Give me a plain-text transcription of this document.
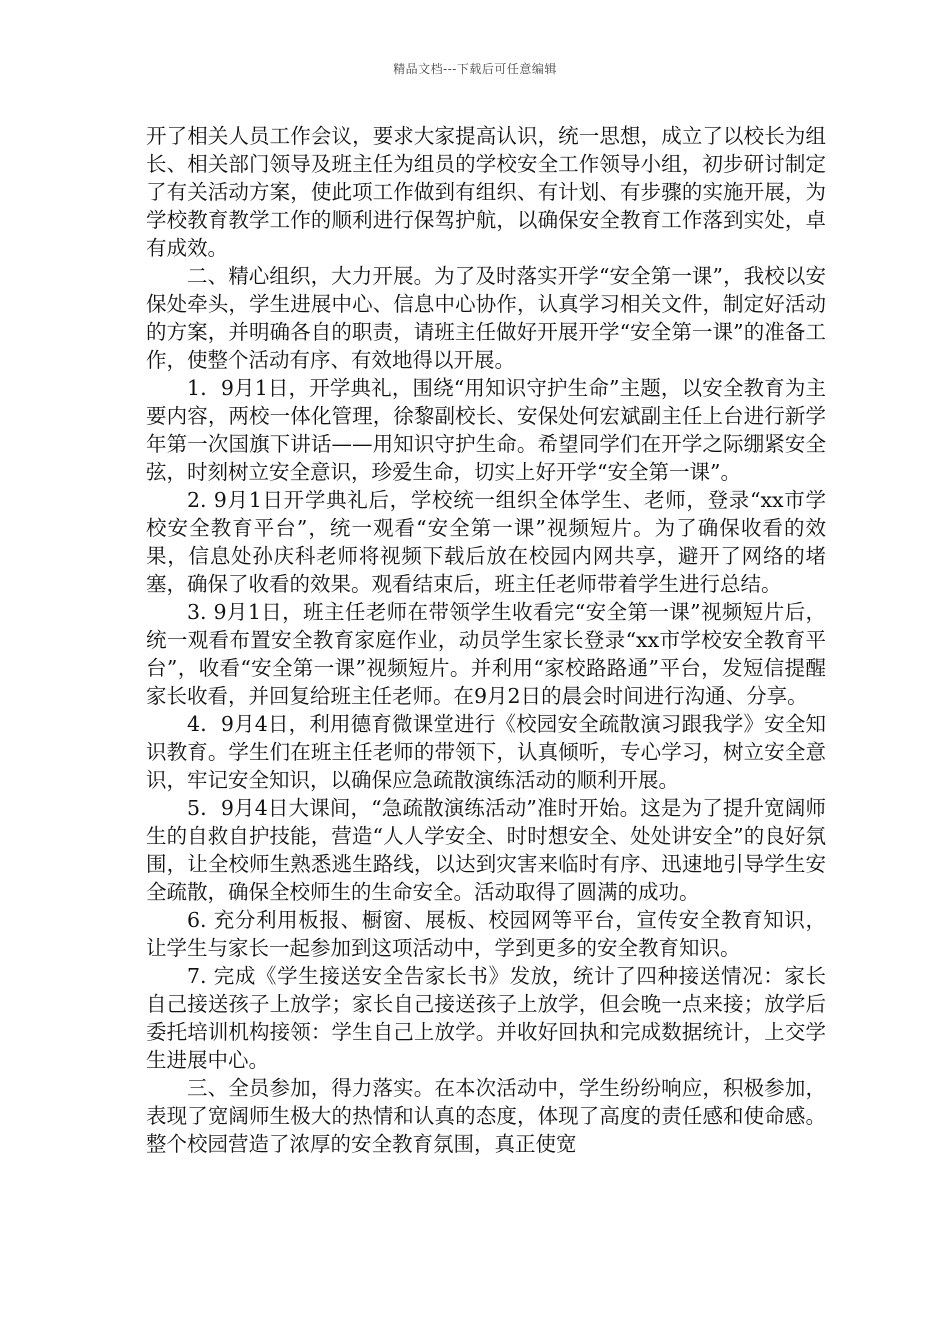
精品文档---下载后可任意编辑

开了相关人员工作会议，要求大家提高认识，统一思想，成立了以校长为组长、相关部门领导及班主任为组员的学校安全工作领导小组，初步研讨制定了有关活动方案，使此项工作做到有组织、有计划、有步骤的实施开展，为学校教育教学工作的顺利进行保驾护航，以确保安全教育工作落到实处，卓有成效。

二、精心组织，大力开展。为了及时落实开学“安全第一课”，我校以安保处牵头，学生进展中心、信息中心协作，认真学习相关文件，制定好活动的方案，并明确各自的职责，请班主任做好开展开学“安全第一课”的准备工作，使整个活动有序、有效地得以开展。

1．9月1日，开学典礼，围绕“用知识守护生命”主题，以安全教育为主要内容，两校一体化管理，徐黎副校长、安保处何宏斌副主任上台进行新学年第一次国旗下讲话——用知识守护生命。希望同学们在开学之际绷紧安全弦，时刻树立安全意识，珍爱生命，切实上好开学“安全第一课”。

2. 9月1日开学典礼后，学校统一组织全体学生、老师，登录“xx市学校安全教育平台”，统一观看“安全第一课”视频短片。为了确保收看的效果，信息处孙庆科老师将视频下载后放在校园内网共享，避开了网络的堵塞，确保了收看的效果。观看结束后，班主任老师带着学生进行总结。

3. 9月1日，班主任老师在带领学生收看完“安全第一课”视频短片后，统一观看布置安全教育家庭作业，动员学生家长登录“xx市学校安全教育平台”，收看“安全第一课”视频短片。并利用“家校路路通”平台，发短信提醒家长收看，并回复给班主任老师。在9月2日的晨会时间进行沟通、分享。

4．9月4日，利用德育微课堂进行《校园安全疏散演习跟我学》安全知识教育。学生们在班主任老师的带领下，认真倾听，专心学习，树立安全意识，牢记安全知识，以确保应急疏散演练活动的顺利开展。

5．9月4日大课间，“急疏散演练活动”准时开始。这是为了提升宽阔师生的自救自护技能，营造“人人学安全、时时想安全、处处讲安全”的良好氛围，让全校师生熟悉逃生路线，以达到灾害来临时有序、迅速地引导学生安全疏散，确保全校师生的生命安全。活动取得了圆满的成功。

6. 充分利用板报、橱窗、展板、校园网等平台，宣传安全教育知识，让学生与家长一起参加到这项活动中，学到更多的安全教育知识。

7. 完成《学生接送安全告家长书》发放，统计了四种接送情况：家长自己接送孩子上放学；家长自己接送孩子上放学，但会晚一点来接；放学后委托培训机构接领：学生自己上放学。并收好回执和完成数据统计，上交学生进展中心。

三、全员参加，得力落实。在本次活动中，学生纷纷响应，积极参加，表现了宽阔师生极大的热情和认真的态度，体现了高度的责任感和使命感。整个校园营造了浓厚的安全教育氛围，真正使宽
